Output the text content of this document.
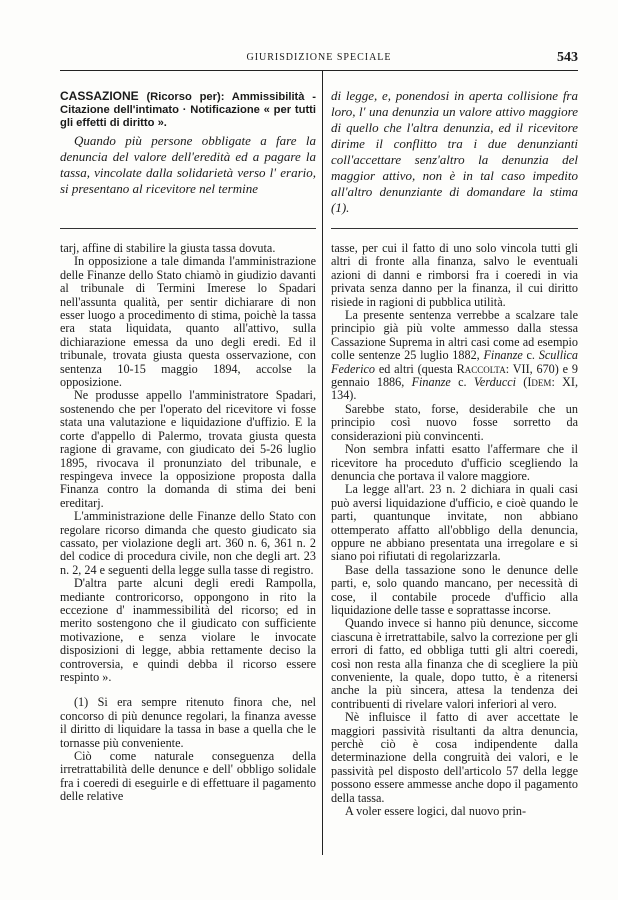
GIURISDIZIONE SPECIALE	543
CASSAZIONE (Ricorso per): Ammissibilità - Citazione dell'intimato · Notificazione « per tutti gli effetti di diritto ».

Quando più persone obbligate a fare la denuncia del valore dell'eredità ed a pagare la tassa, vincolate dalla solidarietà verso l' erario, si presentano al ricevitore nel termine

di legge, e, ponendosi in aperta collisione fra loro, l' una denunzia un valore attivo maggiore di quello che l'altra denunzia, ed il ricevitore dirime il conflitto tra i due denunzianti coll'accettare senz'altro la denunzia del maggior attivo, non è in tal caso impedito all'altro denunziante di domandare la stima (1).

tarj, affine di stabilire la giusta tassa dovuta.

In opposizione a tale dimanda l'amministrazione delle Finanze dello Stato chiamò in giudizio davanti al tribunale di Termini Imerese lo Spadari nell'assunta qualità, per sentir dichiarare di non esser luogo a procedimento di stima, poichè la tassa era stata liquidata, quanto all'attivo, sulla dichiarazione emessa da uno degli eredi. Ed il tribunale, trovata giusta questa osservazione, con sentenza 10-15 maggio 1894, accolse la opposizione.

Ne produsse appello l'amministratore Spadari, sostenendo che per l'operato del ricevitore vi fosse stata una valutazione e liquidazione d'uffizio. E la corte d'appello di Palermo, trovata giusta questa ragione di gravame, con giudicato dei 5-26 luglio 1895, rivocava il pronunziato del tribunale, e respingeva invece la opposizione proposta dalla Finanza contro la domanda di stima dei beni ereditarj.

L'amministrazione delle Finanze dello Stato con regolare ricorso dimanda che questo giudicato sia cassato, per violazione degli art. 360 n. 6, 361 n. 2 del codice di procedura civile, non che degli art. 23 n. 2, 24 e seguenti della legge sulla tasse di registro.

D'altra parte alcuni degli eredi Rampolla, mediante controricorso, oppongono in rito la eccezione d' inammessibilità del ricorso; ed in merito sostengono che il giudicato con sufficiente motivazione, e senza violare le invocate disposizioni di legge, abbia rettamente deciso la controversia, e quindi debba il ricorso essere respinto ».

(1) Si era sempre ritenuto finora che, nel concorso di più denunce regolari, la finanza avesse il diritto di liquidare la tassa in base a quella che le tornasse più conveniente.

Ciò come naturale conseguenza della irretrattabilità delle denunce e dell' obbligo solidale fra i coeredi di eseguirle e di effettuare il pagamento delle relative

tasse, per cui il fatto di uno solo vincola tutti gli altri di fronte alla finanza, salvo le eventuali azioni di danni e rimborsi fra i coeredi in via privata senza danno per la finanza, il cui diritto risiede in ragioni di pubblica utilità.

La presente sentenza verrebbe a scalzare tale principio già più volte ammesso dalla stessa Cassazione Suprema in altri casi come ad esempio colle sentenze 25 luglio 1882, Finanze c. Scullica Federico ed altri (questa Raccolta: VII, 670) e 9 gennaio 1886, Finanze c. Verducci (Idem: XI, 134).

Sarebbe stato, forse, desiderabile che un principio così nuovo fosse sorretto da considerazioni più convincenti.

Non sembra infatti esatto l'affermare che il ricevitore ha proceduto d'ufficio scegliendo la denuncia che portava il valore maggiore.

La legge all'art. 23 n. 2 dichiara in quali casi può aversi liquidazione d'ufficio, e cioè quando le parti, quantunque invitate, non abbiano ottemperato affatto all'obbligo della denuncia, oppure ne abbiano presentata una irregolare e si siano poi rifiutati di regolarizzarla.

Base della tassazione sono le denunce delle parti, e, solo quando mancano, per necessità di cose, il contabile procede d'ufficio alla liquidazione delle tasse e soprattasse incorse.

Quando invece si hanno più denunce, siccome ciascuna è irretrattabile, salvo la correzione per gli errori di fatto, ed obbliga tutti gli altri coeredi, così non resta alla finanza che di scegliere la più conveniente, la quale, dopo tutto, è a ritenersi anche la più sincera, attesa la tendenza dei contribuenti di rivelare valori inferiori al vero.

Nè influisce il fatto di aver accettate le maggiori passività risultanti da altra denuncia, perchè ciò è cosa indipendente dalla determinazione della congruità dei valori, e le passività pel disposto dell'articolo 57 della legge possono essere ammesse anche dopo il pagamento della tassa.

A voler essere logici, dal nuovo prin-
